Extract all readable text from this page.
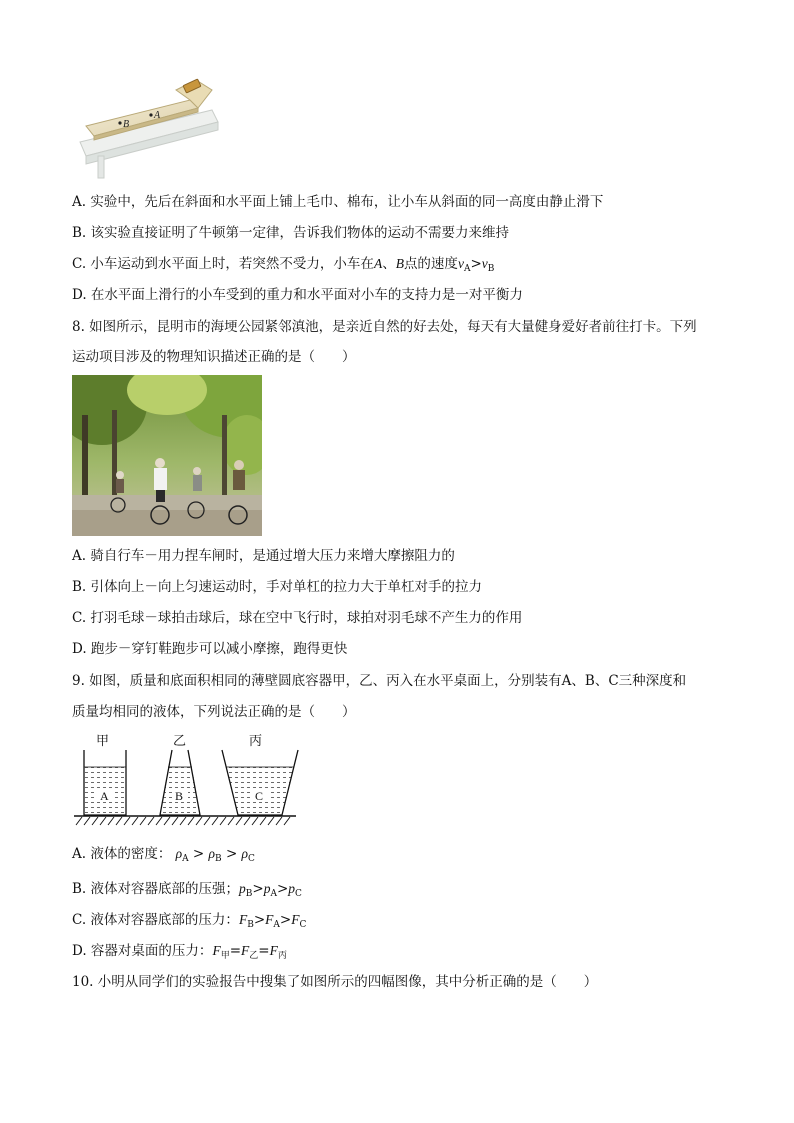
B
A
A. 实验中，先后在斜面和水平面上铺上毛巾、棉布，让小车从斜面的同一高度由静止滑下
B. 该实验直接证明了牛顿第一定律，告诉我们物体的运动不需要力来维持
C. 小车运动到水平面上时，若突然不受力，小车在A、B点的速度$v_A>v_B$
D. 在水平面上滑行的小车受到的重力和水平面对小车的支持力是一对平衡力
8. 如图所示，昆明市的海埂公园紧邻滇池，是亲近自然的好去处，每天有大量健身爱好者前往打卡。下列
运动项目涉及的物理知识描述正确的是（　　）
A. 骑自行车－用力捏车闸时，是通过增大压力来增大摩擦阻力的
B. 引体向上－向上匀速运动时，手对单杠的拉力大于单杠对手的拉力
C. 打羽毛球－球拍击球后，球在空中飞行时，球拍对羽毛球不产生力的作用
D. 跑步－穿钉鞋跑步可以减小摩擦，跑得更快
9. 如图，质量和底面积相同的薄壁圆底容器甲，乙、丙入在水平桌面上，分别装有A、B、C三种深度和
质量均相同的液体，下列说法正确的是（　　）
甲	乙	丙
A	B	C
A. 液体的密度： $\rho_A > \rho_B > \rho_C$
B. 液体对容器底部的压强；$p_B>p_A>p_C$
C. 液体对容器底部的压力：$F_B>F_A>F_C$
D. 容器对桌面的压力：$F_甲=F_乙=F_丙$
10. 小明从同学们的实验报告中搜集了如图所示的四幅图像，其中分析正确的是（　　）
